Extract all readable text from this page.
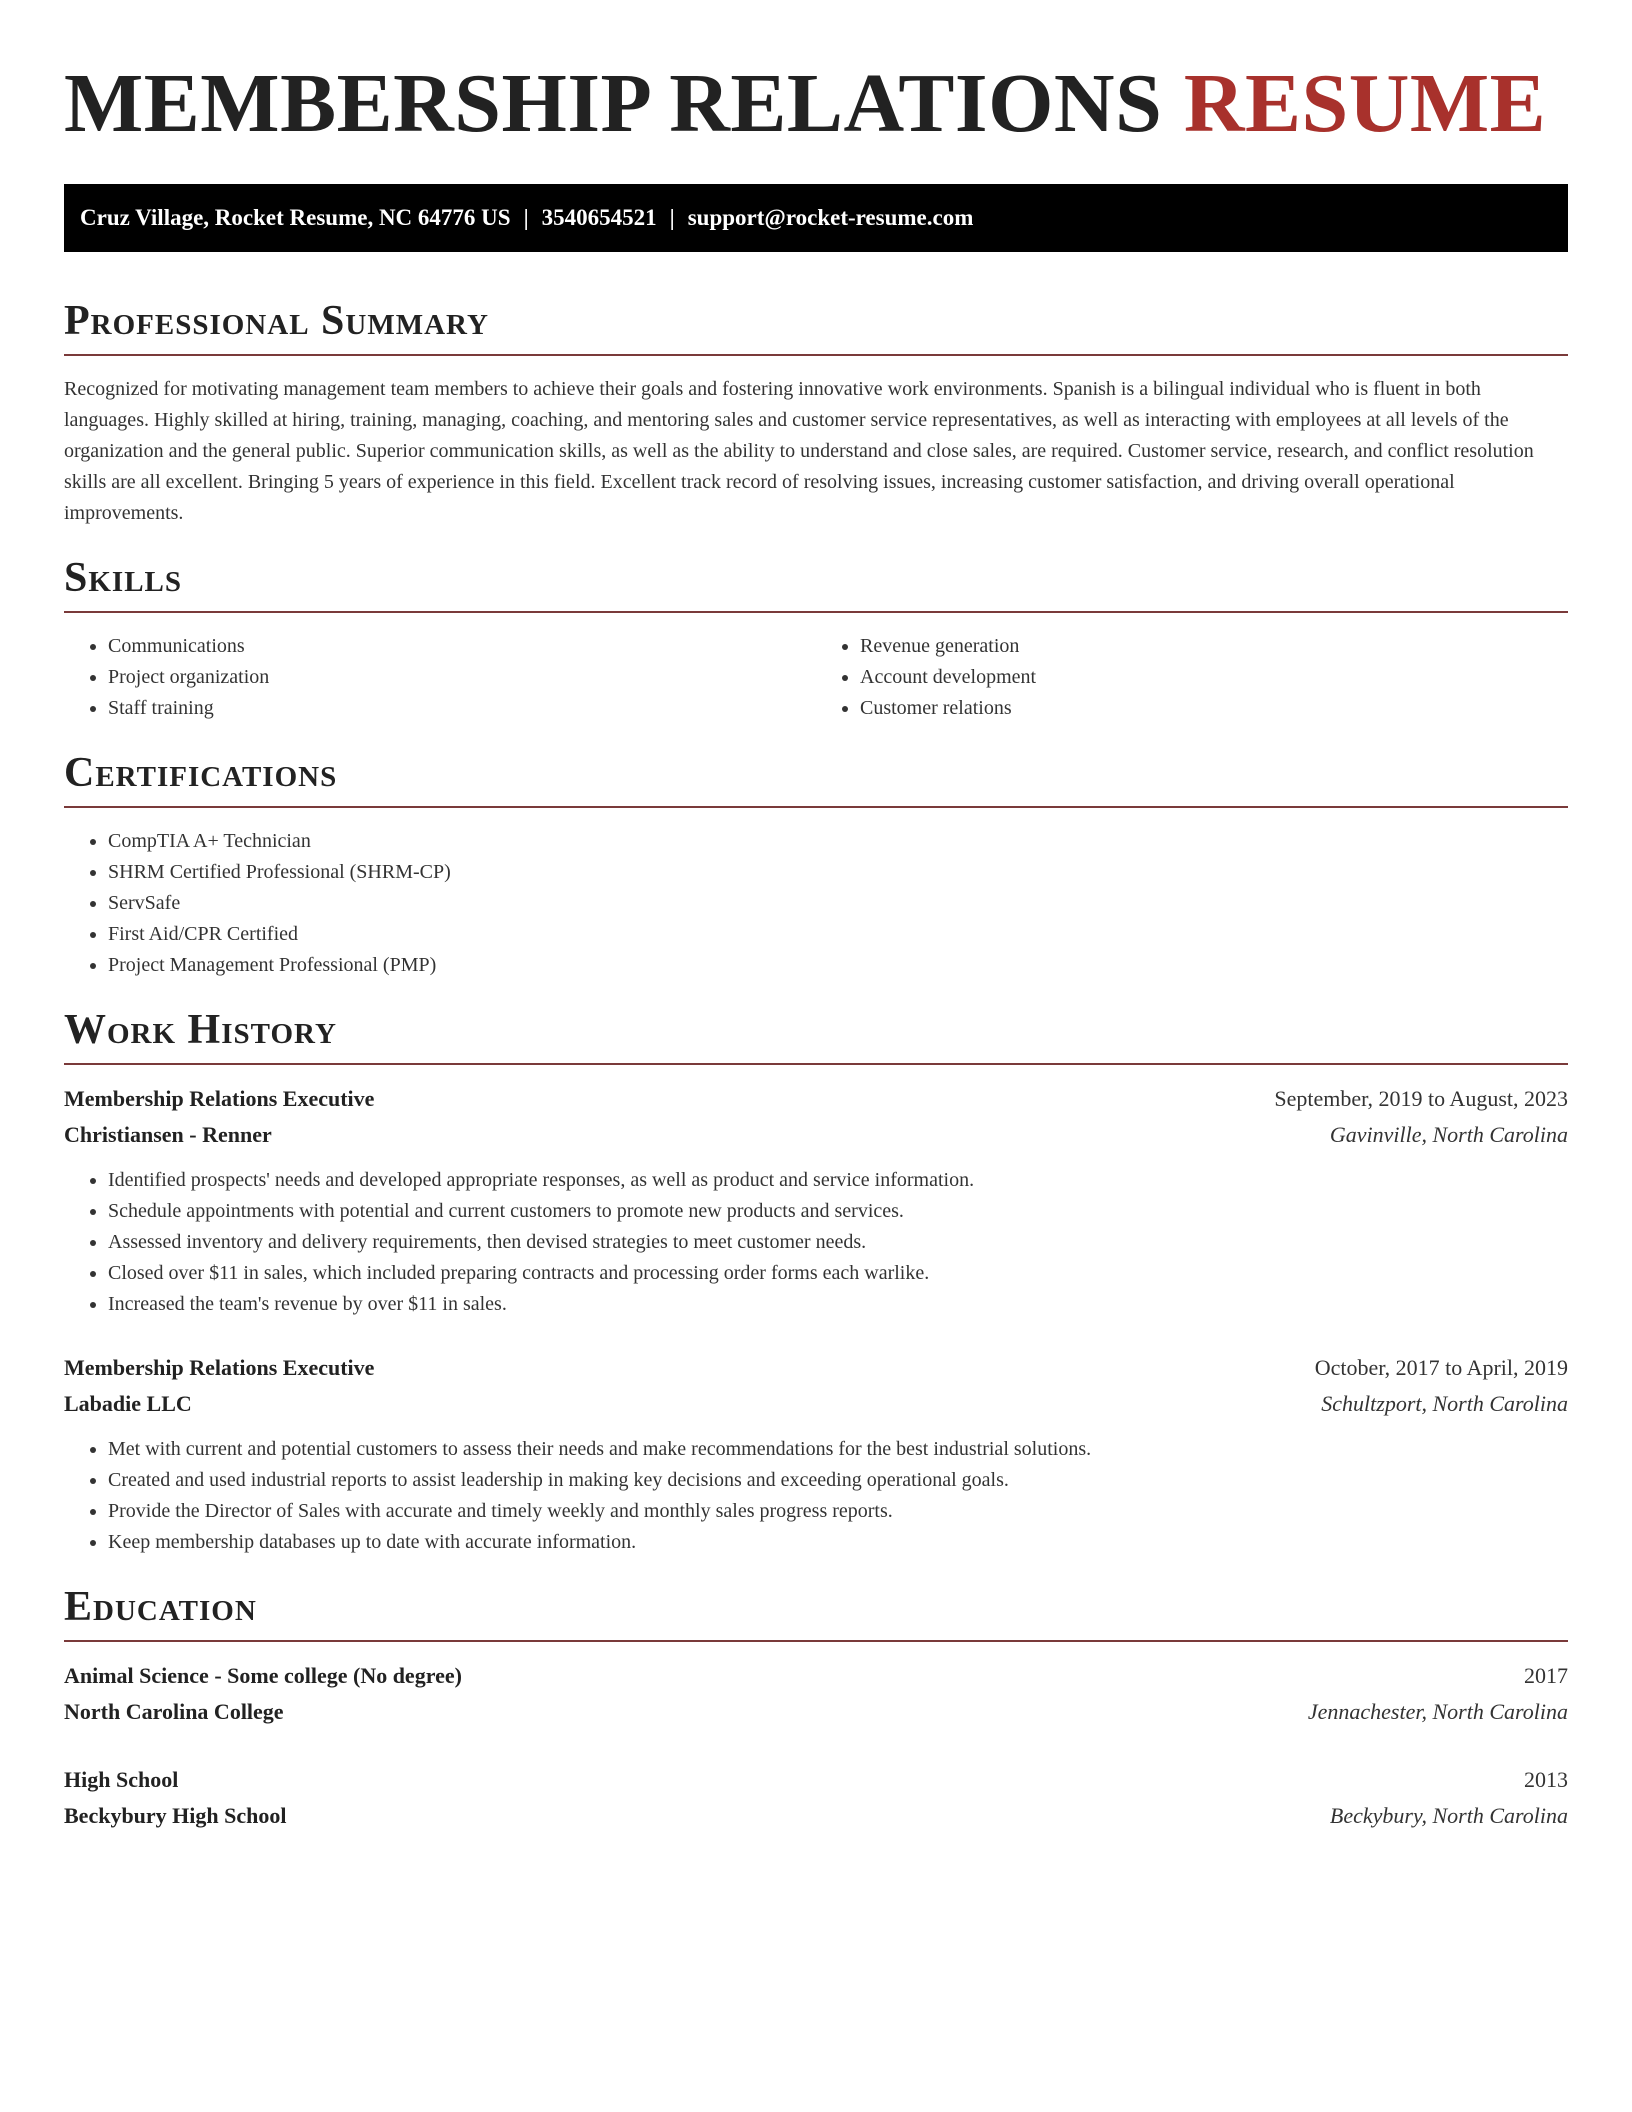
MEMBERSHIP RELATIONS RESUME
Cruz Village, Rocket Resume, NC 64776 US | 3540654521 | support@rocket-resume.com
Professional Summary

Recognized for motivating management team members to achieve their goals and fostering innovative work environments. Spanish is a bilingual individual who is fluent in both languages. Highly skilled at hiring, training, managing, coaching, and mentoring sales and customer service representatives, as well as interacting with employees at all levels of the organization and the general public. Superior communication skills, as well as the ability to understand and close sales, are required. Customer service, research, and conflict resolution skills are all excellent. Bringing 5 years of experience in this field. Excellent track record of resolving issues, increasing customer satisfaction, and driving overall operational improvements.

Skills
• Communications
• Project organization
• Staff training
• Revenue generation
• Account development
• Customer relations
Certifications
• CompTIA A+ Technician
• SHRM Certified Professional (SHRM-CP)
• ServSafe
• First Aid/CPR Certified
• Project Management Professional (PMP)
Work History
Membership Relations Executive	September, 2019 to August, 2023
Christiansen - Renner	Gavinville, North Carolina
• Identified prospects' needs and developed appropriate responses, as well as product and service information.
• Schedule appointments with potential and current customers to promote new products and services.
• Assessed inventory and delivery requirements, then devised strategies to meet customer needs.
• Closed over $11 in sales, which included preparing contracts and processing order forms each warlike.
• Increased the team's revenue by over $11 in sales.
Membership Relations Executive	October, 2017 to April, 2019
Labadie LLC	Schultzport, North Carolina
• Met with current and potential customers to assess their needs and make recommendations for the best industrial solutions.
• Created and used industrial reports to assist leadership in making key decisions and exceeding operational goals.
• Provide the Director of Sales with accurate and timely weekly and monthly sales progress reports.
• Keep membership databases up to date with accurate information.
Education
Animal Science - Some college (No degree)	2017
North Carolina College	Jennachester, North Carolina
High School	2013
Beckybury High School	Beckybury, North Carolina
